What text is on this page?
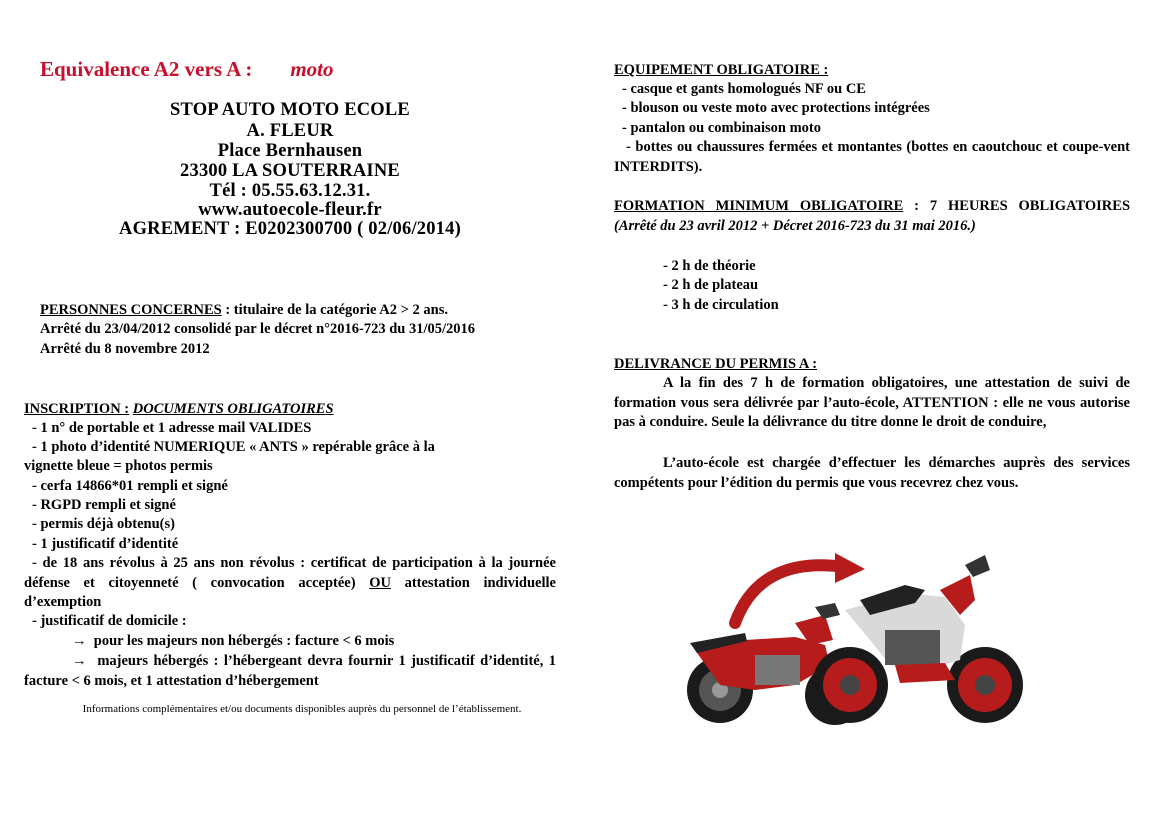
Equivalence A2 vers A : moto
STOP AUTO MOTO ECOLE
A. FLEUR
Place Bernhausen
23300 LA SOUTERRAINE
Tél : 05.55.63.12.31.
www.autoecole-fleur.fr
AGREMENT : E0202300700 ( 02/06/2014)
PERSONNES CONCERNES : titulaire de la catégorie A2 > 2 ans.
Arrêté du 23/04/2012 consolidé par le décret n°2016-723 du 31/05/2016
Arrêté du 8 novembre 2012
INSCRIPTION : DOCUMENTS OBLIGATOIRES
- 1 n° de portable et 1 adresse mail VALIDES
- 1 photo d’identité NUMERIQUE « ANTS » repérable grâce à la
vignette bleue = photos permis
- cerfa 14866*01 rempli et signé
- RGPD rempli et signé
- permis déjà obtenu(s)
- 1 justificatif d’identité
- de 18 ans révolus à 25 ans non révolus : certificat de participation à la journée défense et citoyenneté ( convocation acceptée) OU attestation individuelle d’exemption
- justificatif de domicile :
→ pour les majeurs non hébergés : facture < 6 mois
→ majeurs hébergés : l’hébergeant devra fournir 1 justificatif d’identité, 1 facture < 6 mois, et 1 attestation d’hébergement
Informations complémentaires et/ou documents disponibles auprès du personnel de l’établissement.
EQUIPEMENT OBLIGATOIRE :
- casque et gants homologués NF ou CE
- blouson ou veste moto avec protections intégrées
- pantalon ou combinaison moto
- bottes ou chaussures fermées et montantes (bottes en caoutchouc et coupe-vent INTERDITS).
FORMATION MINIMUM OBLIGATOIRE : 7 HEURES OBLIGATOIRES (Arrêté du 23 avril 2012 + Décret 2016-723 du 31 mai 2016.)
- 2 h de théorie
- 2 h de plateau
- 3 h de circulation
DELIVRANCE DU PERMIS A :
A la fin des 7 h de formation obligatoires, une attestation de suivi de formation vous sera délivrée par l’auto-école, ATTENTION : elle ne vous autorise pas à conduire. Seule la délivrance du titre donne le droit de conduire,
L’auto-école est chargée d’effectuer les démarches auprès des services compétents pour l’édition du permis que vous recevrez chez vous.
